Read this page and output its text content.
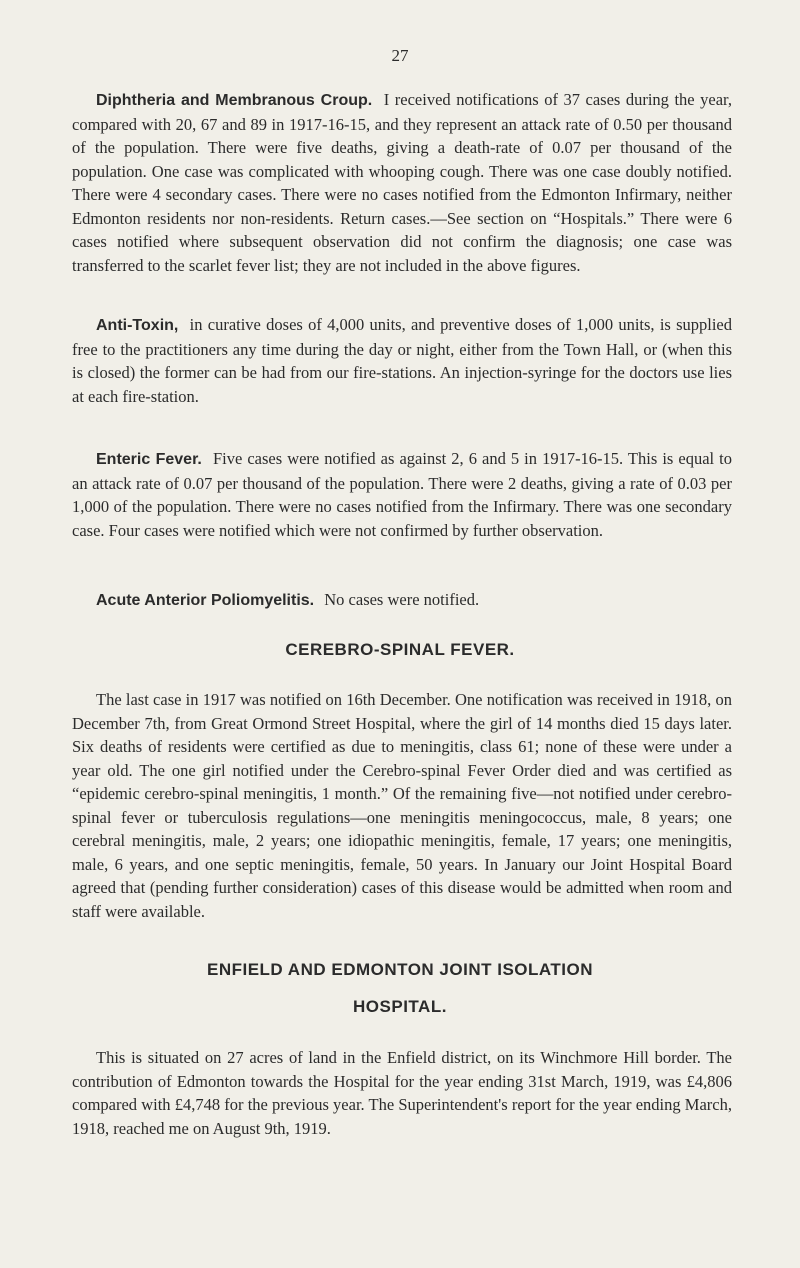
27

Diphtheria and Membranous Croup. I received notifications of 37 cases during the year, compared with 20, 67 and 89 in 1917-16-15, and they represent an attack rate of 0.50 per thousand of the population. There were five deaths, giving a death-rate of 0.07 per thousand of the population. One case was complicated with whooping cough. There was one case doubly notified. There were 4 secondary cases. There were no cases notified from the Edmonton Infirmary, neither Edmonton residents nor non-residents. Return cases.—See section on “Hospitals.” There were 6 cases notified where subsequent observation did not confirm the diagnosis; one case was transferred to the scarlet fever list; they are not included in the above figures.

Anti-Toxin, in curative doses of 4,000 units, and preventive doses of 1,000 units, is supplied free to the practitioners any time during the day or night, either from the Town Hall, or (when this is closed) the former can be had from our fire-stations. An injection-syringe for the doctors use lies at each fire-station.

Enteric Fever. Five cases were notified as against 2, 6 and 5 in 1917-16-15. This is equal to an attack rate of 0.07 per thousand of the population. There were 2 deaths, giving a rate of 0.03 per 1,000 of the population. There were no cases notified from the Infirmary. There was one secondary case. Four cases were notified which were not confirmed by further observation.

Acute Anterior Poliomyelitis. No cases were notified.

CEREBRO-SPINAL FEVER.

The last case in 1917 was notified on 16th December. One notification was received in 1918, on December 7th, from Great Ormond Street Hospital, where the girl of 14 months died 15 days later. Six deaths of residents were certified as due to meningitis, class 61; none of these were under a year old. The one girl notified under the Cerebro-spinal Fever Order died and was certified as “epidemic cerebro-spinal meningitis, 1 month.” Of the remaining five—not notified under cerebro-spinal fever or tuberculosis regulations—one meningitis meningococcus, male, 8 years; one cerebral meningitis, male, 2 years; one idiopathic meningitis, female, 17 years; one meningitis, male, 6 years, and one septic meningitis, female, 50 years. In January our Joint Hospital Board agreed that (pending further consideration) cases of this disease would be admitted when room and staff were available.

ENFIELD AND EDMONTON JOINT ISOLATION
HOSPITAL.

This is situated on 27 acres of land in the Enfield district, on its Winchmore Hill border. The contribution of Edmonton towards the Hospital for the year ending 31st March, 1919, was £4,806 compared with £4,748 for the previous year. The Superintendent's report for the year ending March, 1918, reached me on August 9th, 1919.
